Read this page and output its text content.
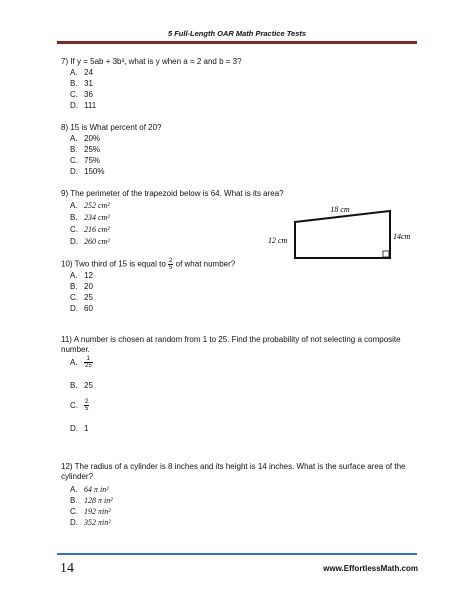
5 Full-Length OAR Math Practice Tests
7) If y = 5ab + 3b³, what is y when a = 2 and b = 3?
A. 24
B. 31
C. 36
D. 111
8) 15 is What percent of 20?
A. 20%
B. 25%
C. 75%
D. 150%
9) The perimeter of the trapezoid below is 64. What is its area?
A. 252 cm²
B. 234 cm²
C. 216 cm²
D. 260 cm²
18 cm
12 cm	14cm
10) Two third of 15 is equal to $\frac{2}{5}$ of what number?
A. 12
B. 20
C. 25
D. 60
11) A number is chosen at random from 1 to 25. Find the probability of not selecting a composite number.
A. $\frac{1}{25}$
B. 25
C. $\frac{2}{5}$
D. 1
12) The radius of a cylinder is 8 inches and its height is 14 inches. What is the surface area of the cylinder?
A. 64 π in²
B. 128 π in²
C. 192 πin²
D. 352 πin²
14	www.EffortlessMath.com
